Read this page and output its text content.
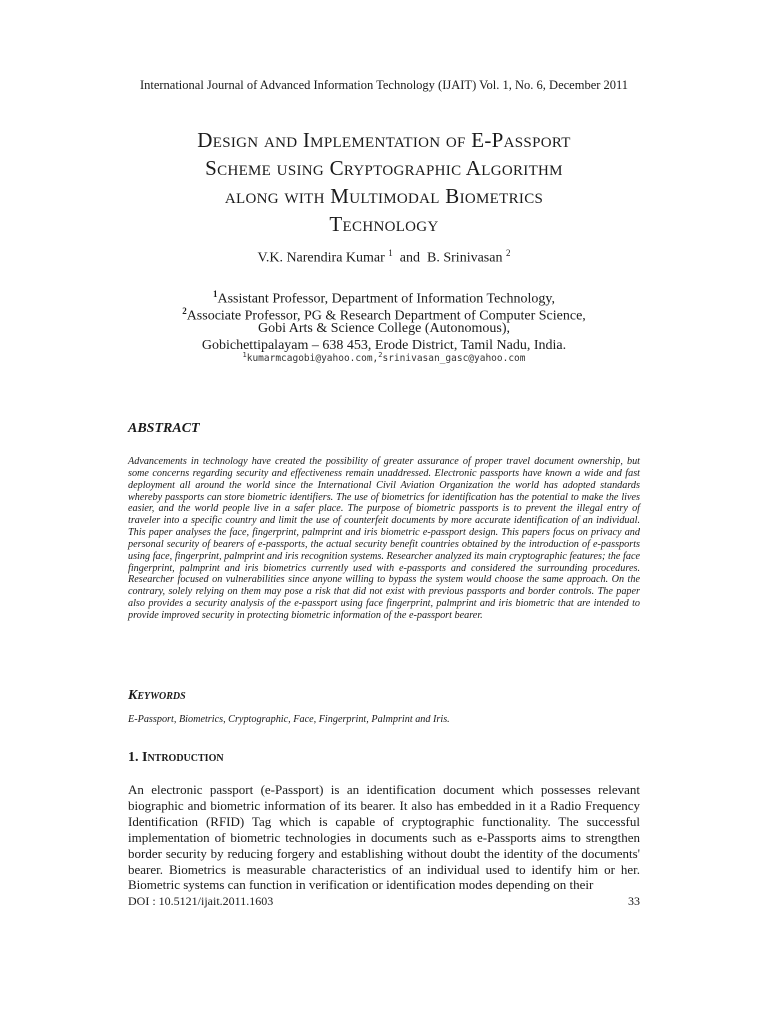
International Journal of Advanced Information Technology (IJAIT) Vol. 1, No. 6, December 2011
Design and Implementation of E-Passport
Scheme using Cryptographic Algorithm
along with Multimodal Biometrics
Technology
V.K. Narendira Kumar $^1$  and  B. Srinivasan $^2$
$^1$Assistant Professor, Department of Information Technology,
$^2$Associate Professor, PG & Research Department of Computer Science,
Gobi Arts & Science College (Autonomous),
Gobichettipalayam – 638 453, Erode District, Tamil Nadu, India.
$^1$kumarmcagobi@yahoo.com,$^2$srinivasan_gasc@yahoo.com
ABSTRACT
Advancements in technology have created the possibility of greater assurance of proper travel document ownership, but some concerns regarding security and effectiveness remain unaddressed. Electronic passports have known a wide and fast deployment all around the world since the International Civil Aviation Organization the world has adopted standards whereby passports can store biometric identifiers. The use of biometrics for identification has the potential to make the lives easier, and the world people live in a safer place. The purpose of biometric passports is to prevent the illegal entry of traveler into a specific country and limit the use of counterfeit documents by more accurate identification of an individual. This paper analyses the face, fingerprint, palmprint and iris biometric e-passport design. This papers focus on privacy and personal security of bearers of e-passports, the actual security benefit countries obtained by the introduction of e-passports using face, fingerprint, palmprint and iris recognition systems. Researcher analyzed its main cryptographic features; the face fingerprint, palmprint and iris biometrics currently used with e-passports and considered the surrounding procedures. Researcher focused on vulnerabilities since anyone willing to bypass the system would choose the same approach. On the contrary, solely relying on them may pose a risk that did not exist with previous passports and border controls. The paper also provides a security analysis of the e-passport using face fingerprint, palmprint and iris biometric that are intended to provide improved security in protecting biometric information of the e-passport bearer.
Keywords
E-Passport, Biometrics, Cryptographic, Face, Fingerprint, Palmprint and Iris.
1. Introduction
An electronic passport (e-Passport) is an identification document which possesses relevant biographic and biometric information of its bearer. It also has embedded in it a Radio Frequency Identification (RFID) Tag which is capable of cryptographic functionality. The successful implementation of biometric technologies in documents such as e-Passports aims to strengthen border security by reducing forgery and establishing without doubt the identity of the documents' bearer. Biometrics is measurable characteristics of an individual used to identify him or her. Biometric systems can function in verification or identification modes depending on their
DOI : 10.5121/ijait.2011.1603	33
